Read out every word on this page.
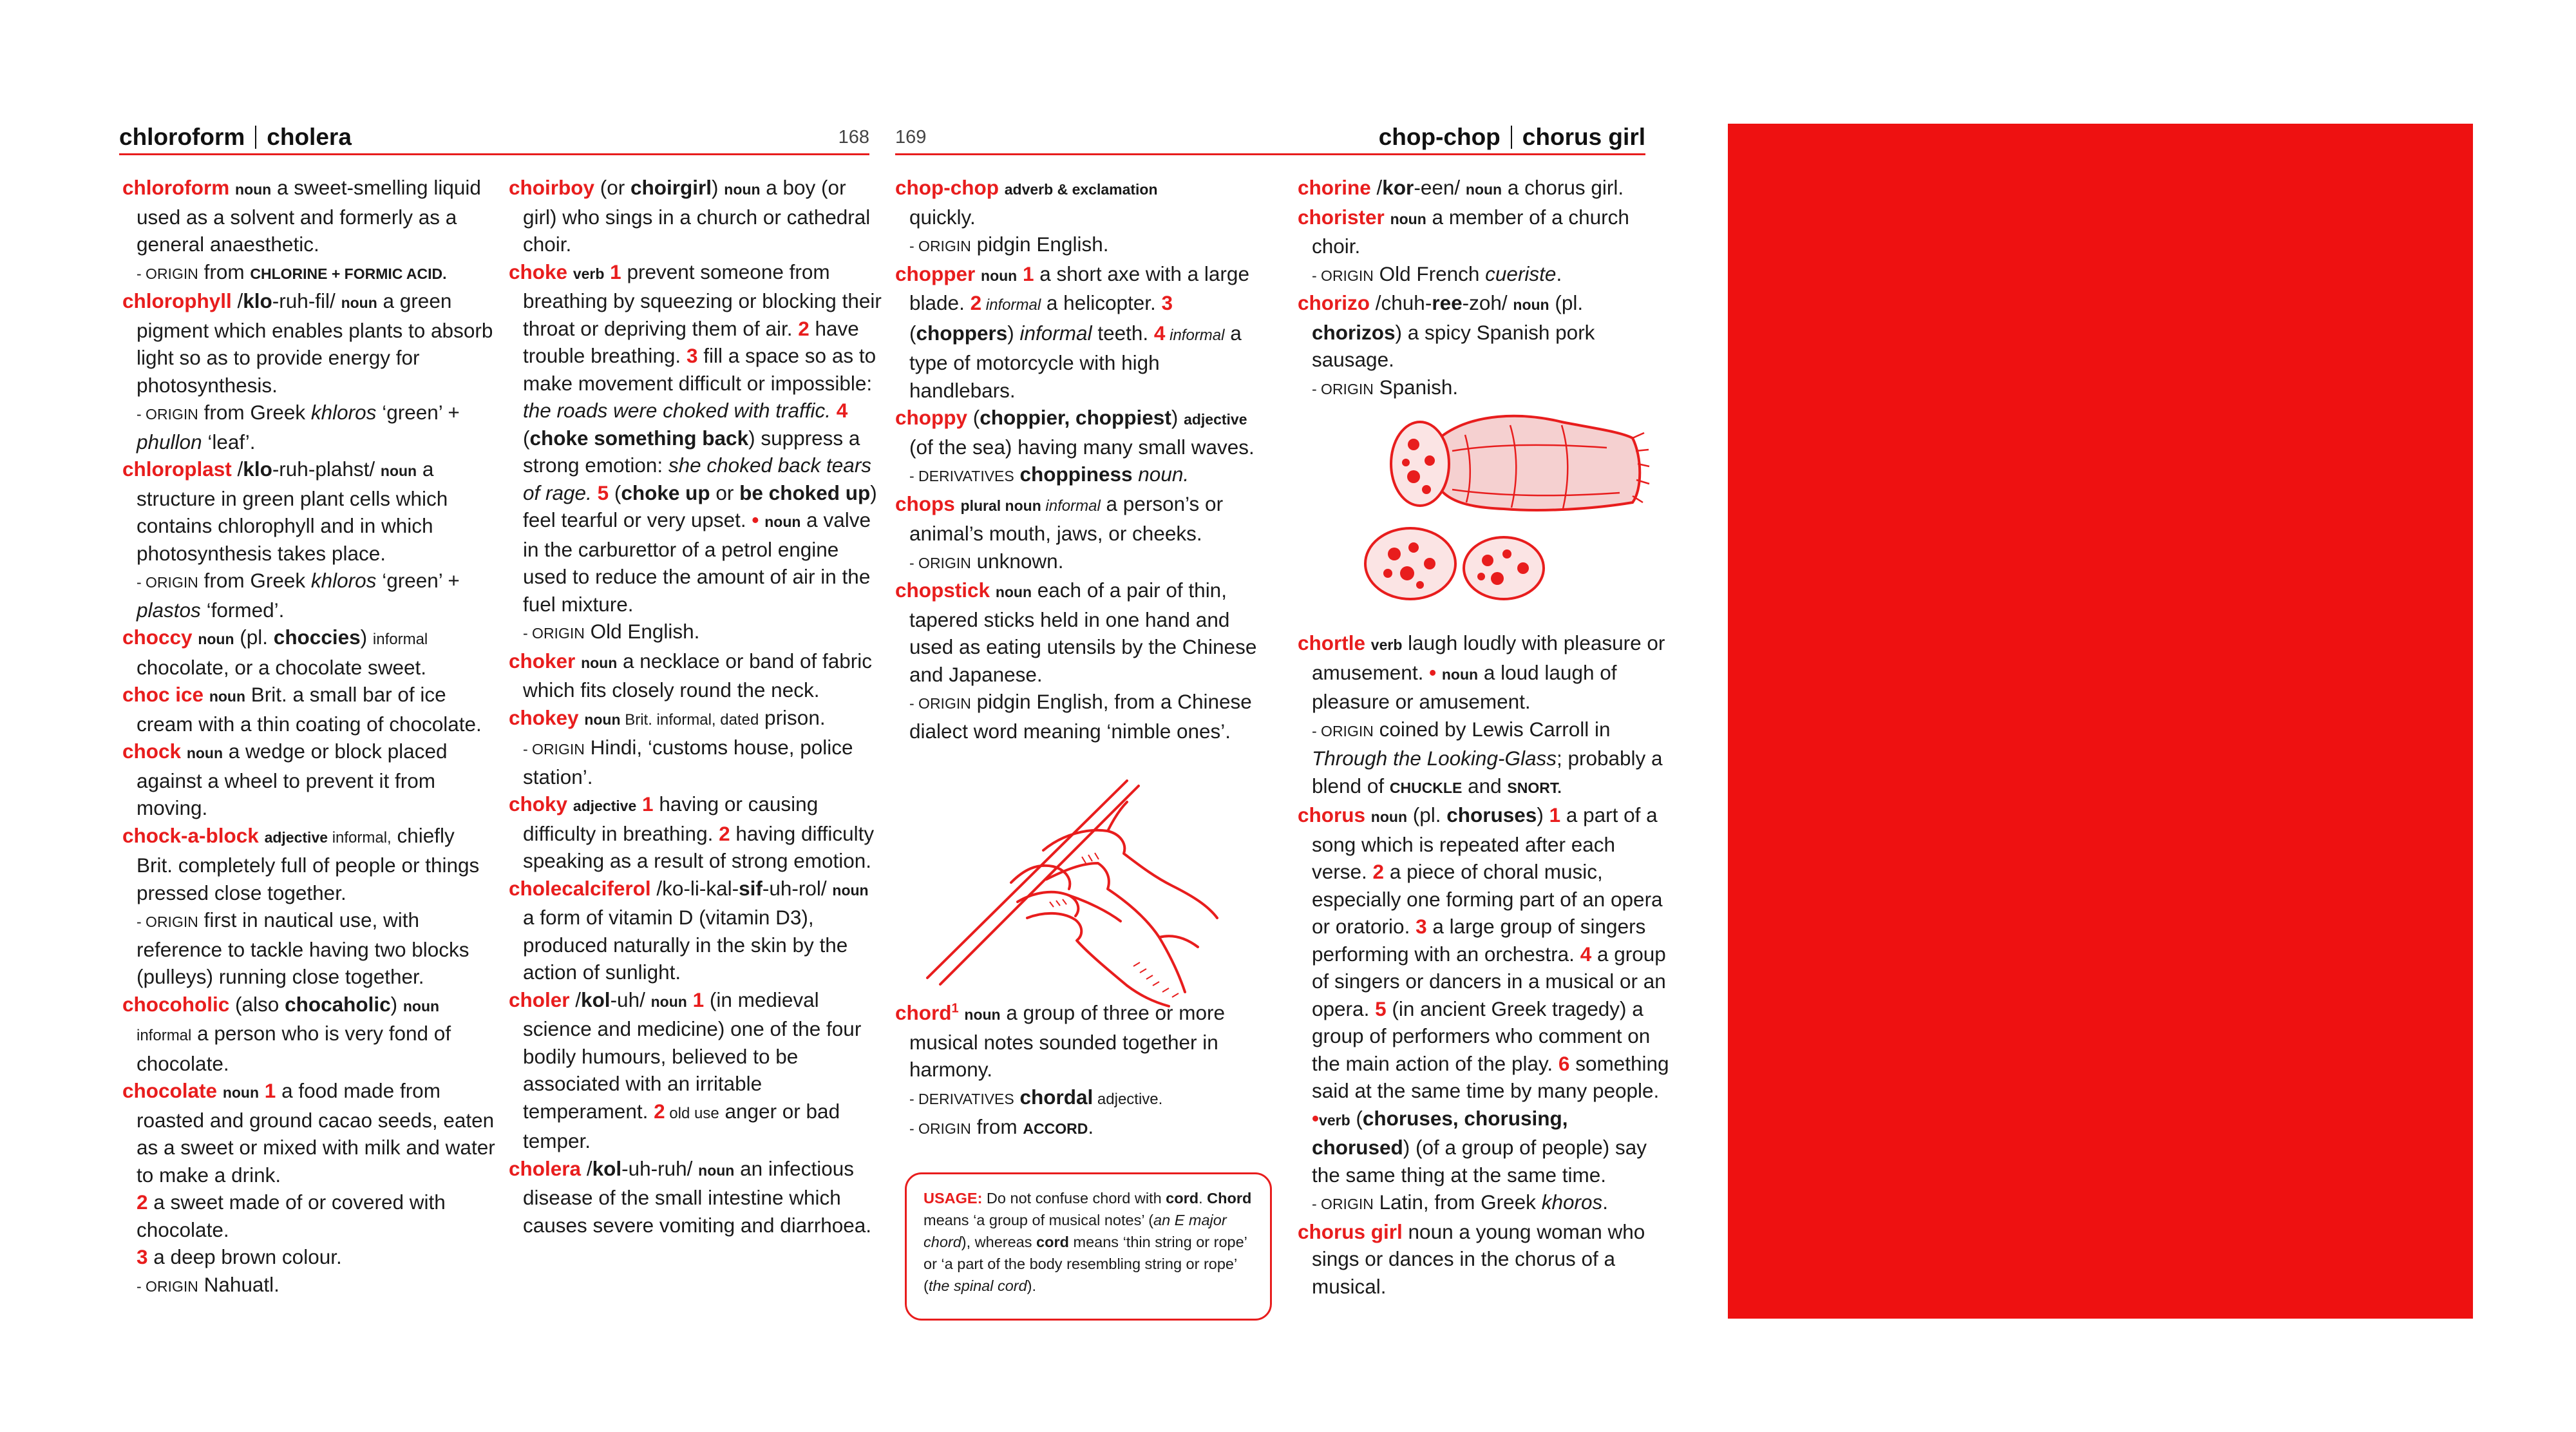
chloroform cholera	168 169	chop-chop chorus girl
chloroform noun a sweet-smelling liquid used as a solvent and formerly as a general anaesthetic.
- ORIGIN from CHLORINE + FORMIC ACID.
chlorophyll /klo-ruh-fil/ noun a green pigment which enables plants to absorb light so as to provide energy for photosynthesis.
- ORIGIN from Greek khloros ‘green’ + phullon ‘leaf’.
chloroplast /klo-ruh-plahst/ noun a structure in green plant cells which contains chlorophyll and in which photosynthesis takes place.
- ORIGIN from Greek khloros ‘green’ + plastos ‘formed’.
choccy noun (pl. choccies) informal chocolate, or a chocolate sweet.
choc ice noun Brit. a small bar of ice cream with a thin coating of chocolate.
chock noun a wedge or block placed against a wheel to prevent it from moving.
chock-a-block adjective informal, chiefly Brit. completely full of people or things pressed close together.
- ORIGIN first in nautical use, with reference to tackle having two blocks (pulleys) running close together.
chocoholic (also chocaholic) noun
informal a person who is very fond of chocolate.
chocolate noun 1 a food made from roasted and ground cacao seeds, eaten as a sweet or mixed with milk and water to make a drink.
2 a sweet made of or covered with chocolate.
3 a deep brown colour.
- ORIGIN Nahuatl.
choirboy (or choirgirl) noun a boy (or girl) who sings in a church or cathedral choir.
choke verb 1 prevent someone from breathing by squeezing or blocking their throat or depriving them of air. 2 have trouble breathing. 3 fill a space so as to make movement difficult or impossible: the roads were choked with traffic. 4 (choke something back) suppress a strong emotion: she choked back tears of rage. 5 (choke up or be choked up) feel tearful or very upset. • noun a valve in the carburettor of a petrol engine used to reduce the amount of air in the fuel mixture.
- ORIGIN Old English.
choker noun a necklace or band of fabric which fits closely round the neck.
chokey noun Brit. informal, dated prison.
- ORIGIN Hindi, ‘customs house, police station’.
choky adjective 1 having or causing difficulty in breathing. 2 having difficulty speaking as a result of strong emotion.
cholecalciferol /ko-li-kal-sif-uh-rol/ noun a form of vitamin D (vitamin D3), produced naturally in the skin by the action of sunlight.
choler /kol-uh/ noun 1 (in medieval science and medicine) one of the four bodily humours, believed to be associated with an irritable temperament. 2 old use anger or bad temper.
cholera /kol-uh-ruh/ noun an infectious disease of the small intestine which causes severe vomiting and diarrhoea.
chop-chop adverb & exclamation
quickly.
- ORIGIN pidgin English.
chopper noun 1 a short axe with a large blade. 2 informal a helicopter. 3 (choppers) informal teeth. 4 informal a type of motorcycle with high handlebars.
choppy (choppier, choppiest) adjective (of the sea) having many small waves.
- DERIVATIVES choppiness noun.
chops plural noun informal a person’s or animal’s mouth, jaws, or cheeks.
- ORIGIN unknown.
chopstick noun each of a pair of thin, tapered sticks held in one hand and used as eating utensils by the Chinese and Japanese.
- ORIGIN pidgin English, from a Chinese dialect word meaning ‘nimble ones’.
chord$^1$ noun a group of three or more musical notes sounded together in harmony.
- DERIVATIVES chordal adjective.
- ORIGIN from ACCORD.
USAGE: Do not confuse chord with cord. Chord means ‘a group of musical notes’ (an E major chord), whereas cord means ‘thin string or rope’ or ‘a part of the body resembling string or rope’ (the spinal cord).
chorine /kor-een/ noun a chorus girl.
chorister noun a member of a church choir.
- ORIGIN Old French cueriste.
chorizo /chuh-ree-zoh/ noun (pl. chorizos) a spicy Spanish pork sausage.
- ORIGIN Spanish.
chortle verb laugh loudly with pleasure or amusement. • noun a loud laugh of pleasure or amusement.
- ORIGIN coined by Lewis Carroll in Through the Looking-Glass; probably a blend of CHUCKLE and SNORT.
chorus noun (pl. choruses) 1 a part of a song which is repeated after each verse. 2 a piece of choral music, especially one forming part of an opera or oratorio. 3 a large group of singers performing with an orchestra. 4 a group of singers or dancers in a musical or an opera. 5 (in ancient Greek tragedy) a group of performers who comment on the main action of the play. 6 something said at the same time by many people.
•verb (choruses, chorusing, chorused) (of a group of people) say the same thing at the same time.
- ORIGIN Latin, from Greek khoros.
chorus girl noun a young woman who sings or dances in the chorus of a musical.
